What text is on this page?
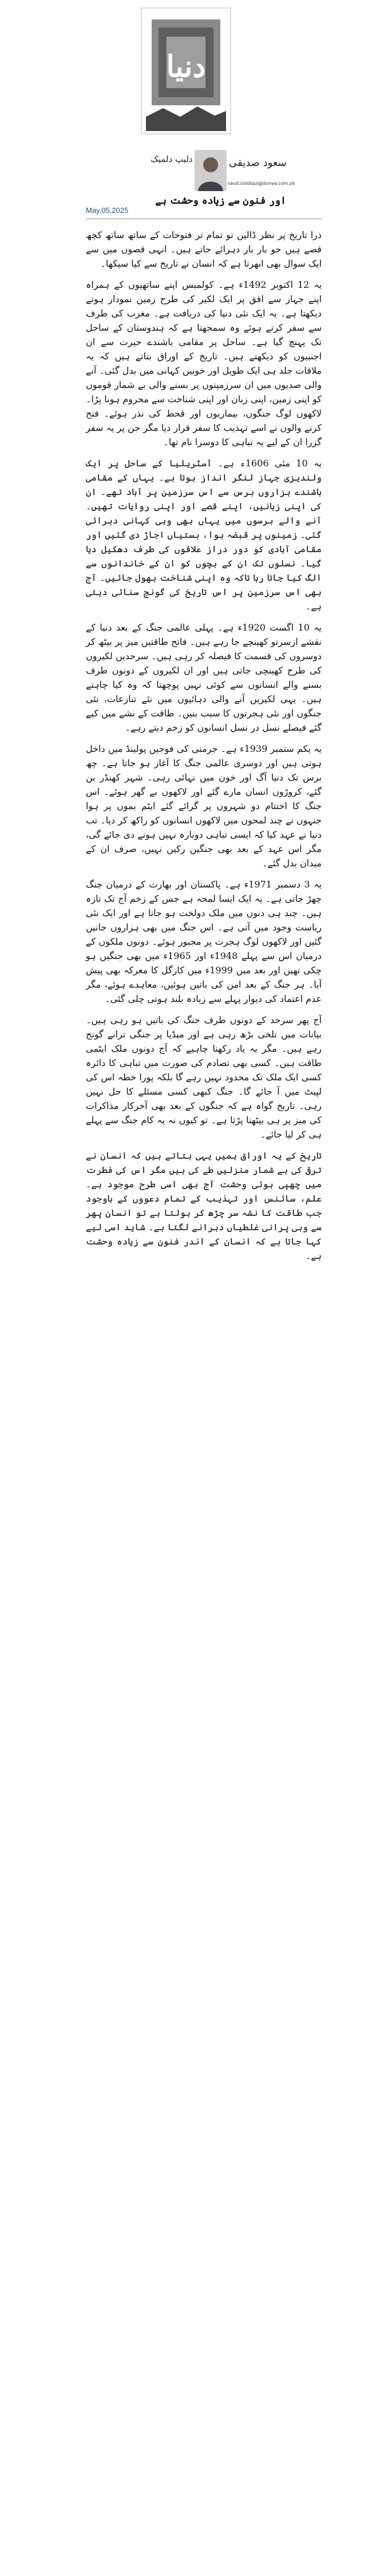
دنیا
دلیپ دلمیک	سعود صدیقی
saud.siddiqui@dunya.com.pk
اور فنون سے زیادہ وحشت ہے
May,05,2025

ذرا تاریخ پر نظر ڈالیں تو تمام تر فتوحات کے ساتھ ساتھ کچھ قصے ہیں جو بار بار دہرائے جاتے ہیں۔ انہی قصوں میں سے ایک سوال بھی ابھرتا ہے کہ انسان نے تاریخ سے کیا سیکھا۔

یہ 12 اکتوبر 1492ء ہے۔ کولمبس اپنے ساتھیوں کے ہمراہ اپنے جہاز سے افق پر ایک لکیر کی طرح زمین نمودار ہوتے دیکھتا ہے۔ یہ ایک نئی دنیا کی دریافت ہے۔ مغرب کی طرف سے سفر کرتے ہوئے وہ سمجھتا ہے کہ ہندوستان کے ساحل تک پہنچ گیا ہے۔ ساحل پر مقامی باشندے حیرت سے ان اجنبیوں کو دیکھتے ہیں۔ تاریخ کے اوراق بتاتے ہیں کہ یہ ملاقات جلد ہی ایک طویل اور خونیں کہانی میں بدل گئی۔ آنے والی صدیوں میں ان سرزمینوں پر بسنے والی بے شمار قوموں کو اپنی زمین، اپنی زبان اور اپنی شناخت سے محروم ہونا پڑا۔ لاکھوں لوگ جنگوں، بیماریوں اور قحط کی نذر ہوئے۔ فتح کرنے والوں نے اسے تہذیب کا سفر قرار دیا مگر جن پر یہ سفر گزرا ان کے لیے یہ تباہی کا دوسرا نام تھا۔

یہ 10 مئی 1606ء ہے۔ آسٹریلیا کے ساحل پر ایک ولندیزی جہاز لنگر انداز ہوتا ہے۔ یہاں کے مقامی باشندے ہزاروں برس سے اس سرزمین پر آباد تھے۔ ان کی اپنی زبانیں، اپنے قصے اور اپنی روایات تھیں۔ آنے والے برسوں میں یہاں بھی وہی کہانی دہرائی گئی۔ زمینوں پر قبضہ ہوا، بستیاں اجاڑ دی گئیں اور مقامی آبادی کو دور دراز علاقوں کی طرف دھکیل دیا گیا۔ نسلوں تک ان کے بچوں کو ان کے خاندانوں سے الگ کیا جاتا رہا تاکہ وہ اپنی شناخت بھول جائیں۔ آج بھی اس سرزمین پر اس تاریخ کی گونج سنائی دیتی ہے۔

یہ 10 اگست 1920ء ہے۔ پہلی عالمی جنگ کے بعد دنیا کے نقشے ازسرنو کھینچے جا رہے ہیں۔ فاتح طاقتیں میز پر بیٹھ کر دوسروں کی قسمت کا فیصلہ کر رہی ہیں۔ سرحدیں لکیروں کی طرح کھینچی جاتی ہیں اور ان لکیروں کے دونوں طرف بسنے والے انسانوں سے کوئی نہیں پوچھتا کہ وہ کیا چاہتے ہیں۔ یہی لکیریں آنے والی دہائیوں میں نئے تنازعات، نئی جنگوں اور نئی ہجرتوں کا سبب بنیں۔ طاقت کے نشے میں کیے گئے فیصلے نسل در نسل انسانوں کو زخم دیتے رہے۔

یہ یکم ستمبر 1939ء ہے۔ جرمنی کی فوجیں پولینڈ میں داخل ہوتی ہیں اور دوسری عالمی جنگ کا آغاز ہو جاتا ہے۔ چھ برس تک دنیا آگ اور خون میں نہائی رہی۔ شہر کھنڈر بن گئے، کروڑوں انسان مارے گئے اور لاکھوں بے گھر ہوئے۔ اس جنگ کا اختتام دو شہروں پر گرائے گئے ایٹم بموں پر ہوا جنہوں نے چند لمحوں میں لاکھوں انسانوں کو راکھ کر دیا۔ تب دنیا نے عہد کیا کہ ایسی تباہی دوبارہ نہیں ہونے دی جائے گی، مگر اس عہد کے بعد بھی جنگیں رکیں نہیں، صرف ان کے میدان بدل گئے۔

یہ 3 دسمبر 1971ء ہے۔ پاکستان اور بھارت کے درمیان جنگ چھڑ جاتی ہے۔ یہ ایک ایسا لمحہ ہے جس کے زخم آج تک تازہ ہیں۔ چند ہی دنوں میں ملک دولخت ہو جاتا ہے اور ایک نئی ریاست وجود میں آتی ہے۔ اس جنگ میں بھی ہزاروں جانیں گئیں اور لاکھوں لوگ ہجرت پر مجبور ہوئے۔ دونوں ملکوں کے درمیان اس سے پہلے 1948ء اور 1965ء میں بھی جنگیں ہو چکی تھیں اور بعد میں 1999ء میں کارگل کا معرکہ بھی پیش آیا۔ ہر جنگ کے بعد امن کی باتیں ہوئیں، معاہدے ہوئے، مگر عدم اعتماد کی دیوار پہلے سے زیادہ بلند ہوتی چلی گئی۔

آج پھر سرحد کے دونوں طرف جنگ کی باتیں ہو رہی ہیں۔ بیانات میں تلخی بڑھ رہی ہے اور میڈیا پر جنگی ترانے گونج رہے ہیں۔ مگر یہ یاد رکھنا چاہیے کہ آج دونوں ملک ایٹمی طاقت ہیں۔ کسی بھی تصادم کی صورت میں تباہی کا دائرہ کسی ایک ملک تک محدود نہیں رہے گا بلکہ پورا خطہ اس کی لپیٹ میں آ جائے گا۔ جنگ کبھی کسی مسئلے کا حل نہیں رہی۔ تاریخ گواہ ہے کہ جنگوں کے بعد بھی آخرکار مذاکرات کی میز پر ہی بیٹھنا پڑتا ہے۔ تو کیوں نہ یہ کام جنگ سے پہلے ہی کر لیا جائے۔

تاریخ کے یہ اوراق ہمیں یہی بتاتے ہیں کہ انسان نے ترقی کی بے شمار منزلیں طے کی ہیں مگر اس کی فطرت میں چھپی ہوئی وحشت آج بھی اسی طرح موجود ہے۔ علم، سائنس اور تہذیب کے تمام دعووں کے باوجود جب طاقت کا نشہ سر چڑھ کر بولتا ہے تو انسان پھر سے وہی پرانی غلطیاں دہرانے لگتا ہے۔ شاید اسی لیے کہا جاتا ہے کہ انسان کے اندر فنون سے زیادہ وحشت ہے۔
